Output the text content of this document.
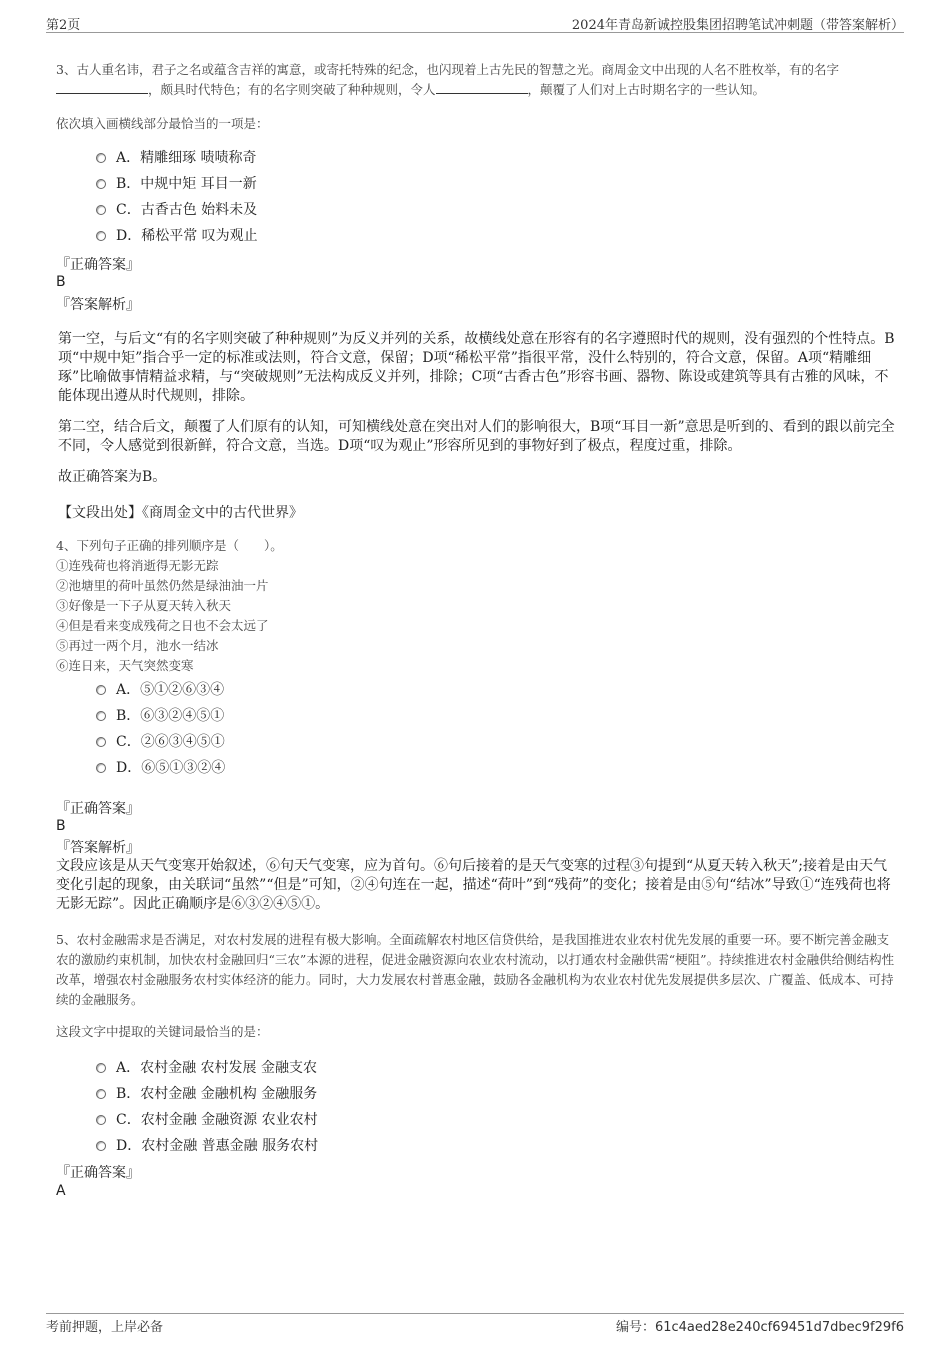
第2页	2024年青岛新诚控股集团招聘笔试冲刺题（带答案解析）
3、古人重名讳，君子之名或蕴含吉祥的寓意，或寄托特殊的纪念，也闪现着上古先民的智慧之光。商周金文中出现的人名不胜枚举，有的名字
，颇具时代特色；有的名字则突破了种种规则，令人	，颠覆了人们对上古时期名字的一些认知。
依次填入画横线部分最恰当的一项是：
A．精雕细琢 啧啧称奇
B．中规中矩 耳目一新
C．古香古色 始料未及
D．稀松平常 叹为观止
『正确答案』
B
『答案解析』
第一空，与后文“有的名字则突破了种种规则”为反义并列的关系，故横线处意在形容有的名字遵照时代的规则，没有强烈的个性特点。B项“中规中矩”指合乎一定的标准或法则，符合文意，保留；D项“稀松平常”指很平常，没什么特别的，符合文意，保留。A项“精雕细琢”比喻做事情精益求精，与“突破规则”无法构成反义并列，排除；C项“古香古色”形容书画、器物、陈设或建筑等具有古雅的风味，不能体现出遵从时代规则，排除。
第二空，结合后文，颠覆了人们原有的认知，可知横线处意在突出对人们的影响很大，B项“耳目一新”意思是听到的、看到的跟以前完全不同，令人感觉到很新鲜，符合文意，当选。D项“叹为观止”形容所见到的事物好到了极点，程度过重，排除。
故正确答案为B。
【文段出处】《商周金文中的古代世界》
4、下列句子正确的排列顺序是（　　）。
①连残荷也将消逝得无影无踪
②池塘里的荷叶虽然仍然是绿油油一片
③好像是一下子从夏天转入秋天
④但是看来变成残荷之日也不会太远了
⑤再过一两个月，池水一结冰
⑥连日来，天气突然变寒
A．⑤①②⑥③④
B．⑥③②④⑤①
C．②⑥③④⑤①
D．⑥⑤①③②④
『正确答案』
B
『答案解析』
文段应该是从天气变寒开始叙述，⑥句天气变寒，应为首句。⑥句后接着的是天气变寒的过程③句提到“从夏天转入秋天”;接着是由天气变化引起的现象，由关联词“虽然”“但是”可知，②④句连在一起，描述“荷叶”到“残荷”的变化；接着是由⑤句“结冰”导致①“连残荷也将无影无踪”。因此正确顺序是⑥③②④⑤①。
5、农村金融需求是否满足，对农村发展的进程有极大影响。全面疏解农村地区信贷供给，是我国推进农业农村优先发展的重要一环。要不断完善金融支农的激励约束机制，加快农村金融回归“三农”本源的进程，促进金融资源向农业农村流动，以打通农村金融供需“梗阻”。持续推进农村金融供给侧结构性改革，增强农村金融服务农村实体经济的能力。同时，大力发展农村普惠金融，鼓励各金融机构为农业农村优先发展提供多层次、广覆盖、低成本、可持续的金融服务。
这段文字中提取的关键词最恰当的是：
A．农村金融 农村发展 金融支农
B．农村金融 金融机构 金融服务
C．农村金融 金融资源 农业农村
D．农村金融 普惠金融 服务农村
『正确答案』
A
考前押题，上岸必备	编号：61c4aed28e240cf69451d7dbec9f29f6
